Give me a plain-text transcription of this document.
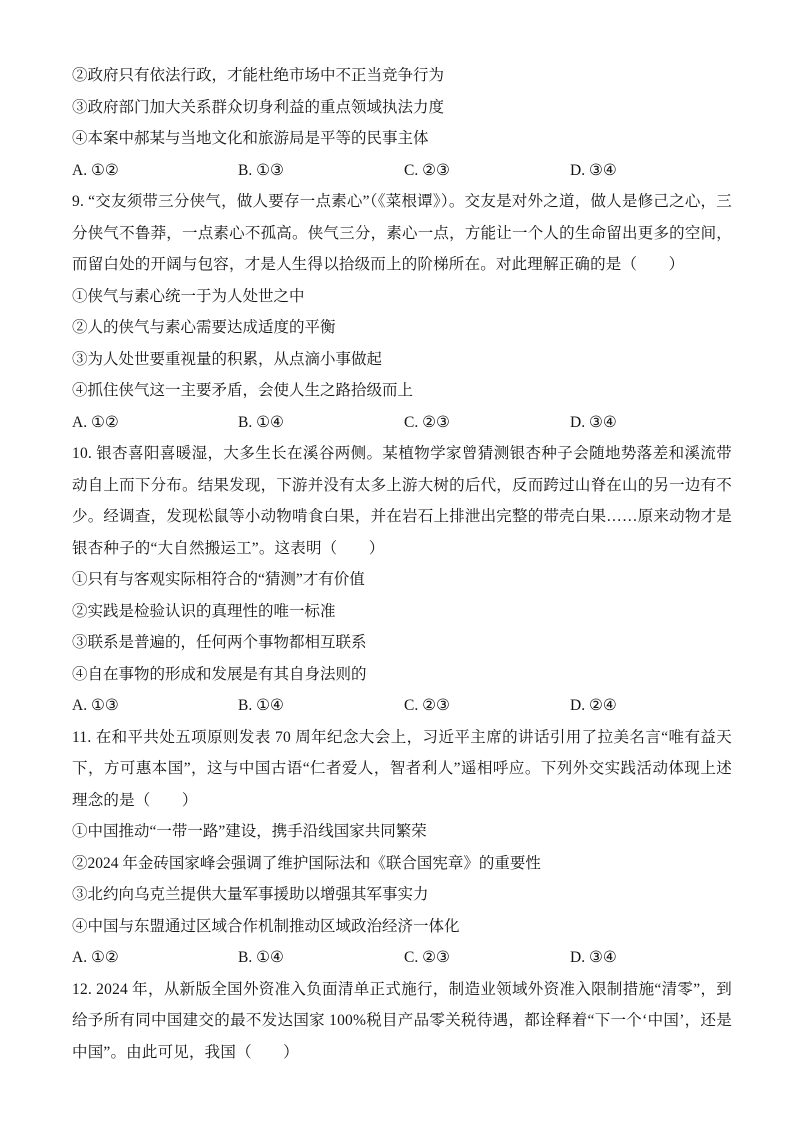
②政府只有依法行政，才能杜绝市场中不正当竞争行为
③政府部门加大关系群众切身利益的重点领域执法力度
④本案中郝某与当地文化和旅游局是平等的民事主体
A. ①②	B. ①③	C. ②③	D. ③④
9. “交友须带三分侠气，做人要存一点素心”（《菜根谭》）。交友是对外之道，做人是修己之心，三分侠气不鲁莽，一点素心不孤高。侠气三分，素心一点，方能让一个人的生命留出更多的空间，而留白处的开阔与包容，才是人生得以拾级而上的阶梯所在。对此理解正确的是（　　）
①侠气与素心统一于为人处世之中
②人的侠气与素心需要达成适度的平衡
③为人处世要重视量的积累，从点滴小事做起
④抓住侠气这一主要矛盾，会使人生之路拾级而上
A. ①②	B. ①④	C. ②③	D. ③④
10. 银杏喜阳喜暖湿，大多生长在溪谷两侧。某植物学家曾猜测银杏种子会随地势落差和溪流带动自上而下分布。结果发现，下游并没有太多上游大树的后代，反而跨过山脊在山的另一边有不少。经调查，发现松鼠等小动物啃食白果，并在岩石上排泄出完整的带壳白果……原来动物才是银杏种子的“大自然搬运工”。这表明（　　）
①只有与客观实际相符合的“猜测”才有价值
②实践是检验认识的真理性的唯一标准
③联系是普遍的，任何两个事物都相互联系
④自在事物的形成和发展是有其自身法则的
A. ①③	B. ①④	C. ②③	D. ②④
11. 在和平共处五项原则发表 70 周年纪念大会上，习近平主席的讲话引用了拉美名言“唯有益天下，方可惠本国”，这与中国古语“仁者爱人，智者利人”遥相呼应。下列外交实践活动体现上述理念的是（　　）
①中国推动“一带一路”建设，携手沿线国家共同繁荣
②2024 年金砖国家峰会强调了维护国际法和《联合国宪章》的重要性
③北约向乌克兰提供大量军事援助以增强其军事实力
④中国与东盟通过区域合作机制推动区域政治经济一体化
A. ①②	B. ①④	C. ②③	D. ③④
12. 2024 年，从新版全国外资准入负面清单正式施行，制造业领域外资准入限制措施“清零”，到给予所有同中国建交的最不发达国家 100%税目产品零关税待遇，都诠释着“下一个‘中国’，还是中国”。由此可见，我国（　　）
